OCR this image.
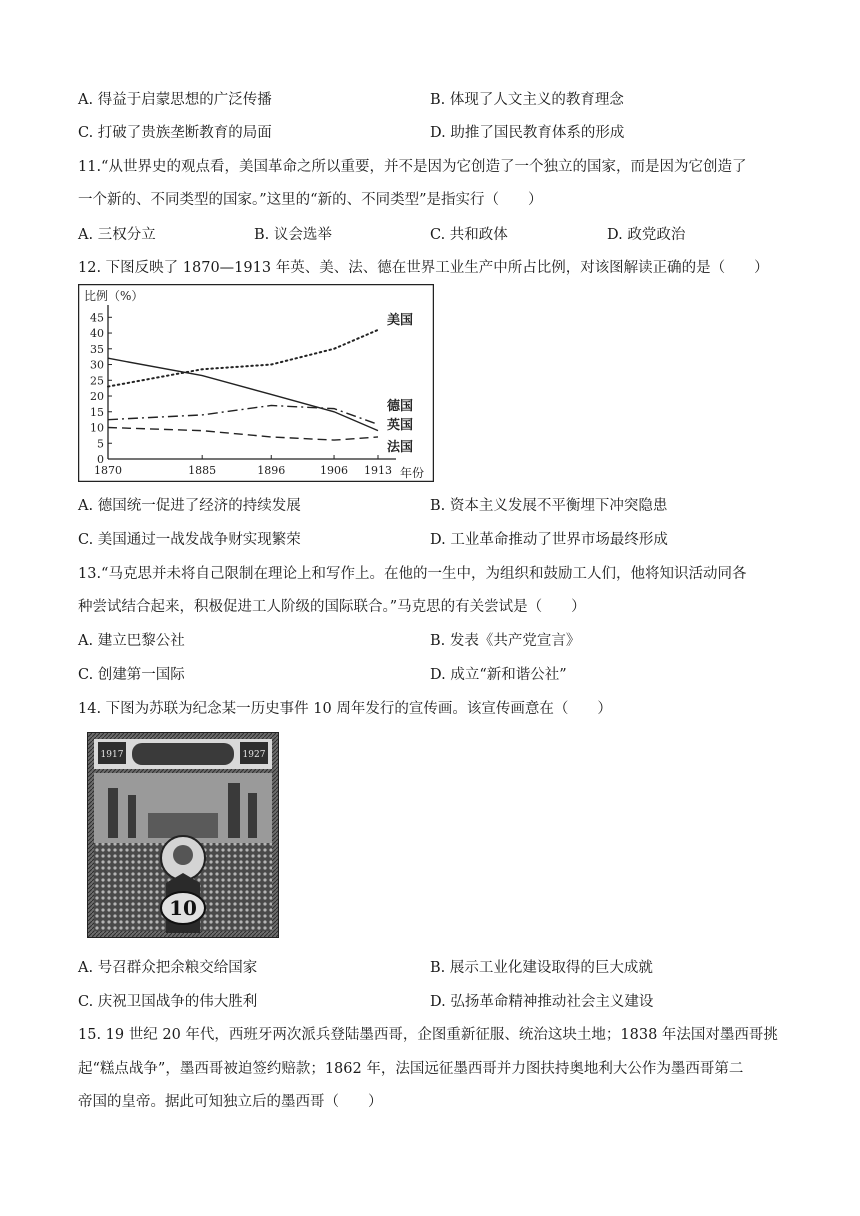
A. 得益于启蒙思想的广泛传播	B. 体现了人文主义的教育理念
C. 打破了贵族垄断教育的局面	D. 助推了国民教育体系的形成
11.“从世界史的观点看，美国革命之所以重要，并不是因为它创造了一个独立的国家，而是因为它创造了
一个新的、不同类型的国家。”这里的“新的、不同类型”是指实行（　　）
A. 三权分立	B. 议会选举	C. 共和政体	D. 政党政治
12. 下图反映了 1870—1913 年英、美、法、德在世界工业生产中所占比例，对该图解读正确的是（　　）
比例（%）
年份
0
5
10
15
20
25
30
35
40
45
1870	1885	1896	1906 1913
美国
德国
英国
法国
A. 德国统一促进了经济的持续发展	B. 资本主义发展不平衡埋下冲突隐患
C. 美国通过一战发战争财实现繁荣	D. 工业革命推动了世界市场最终形成
13.“马克思并未将自己限制在理论上和写作上。在他的一生中，为组织和鼓励工人们，他将知识活动同各
种尝试结合起来，积极促进工人阶级的国际联合。”马克思的有关尝试是（　　）
A. 建立巴黎公社	B. 发表《共产党宣言》
C. 创建第一国际	D. 成立“新和谐公社”
14. 下图为苏联为纪念某一历史事件 10 周年发行的宣传画。该宣传画意在（　　）
1917	1927
10
A. 号召群众把余粮交给国家	B. 展示工业化建设取得的巨大成就
C. 庆祝卫国战争的伟大胜利	D. 弘扬革命精神推动社会主义建设
15. 19 世纪 20 年代，西班牙两次派兵登陆墨西哥，企图重新征服、统治这块土地；1838 年法国对墨西哥挑
起“糕点战争”，墨西哥被迫签约赔款；1862 年，法国远征墨西哥并力图扶持奥地利大公作为墨西哥第二
帝国的皇帝。据此可知独立后的墨西哥（　　）
